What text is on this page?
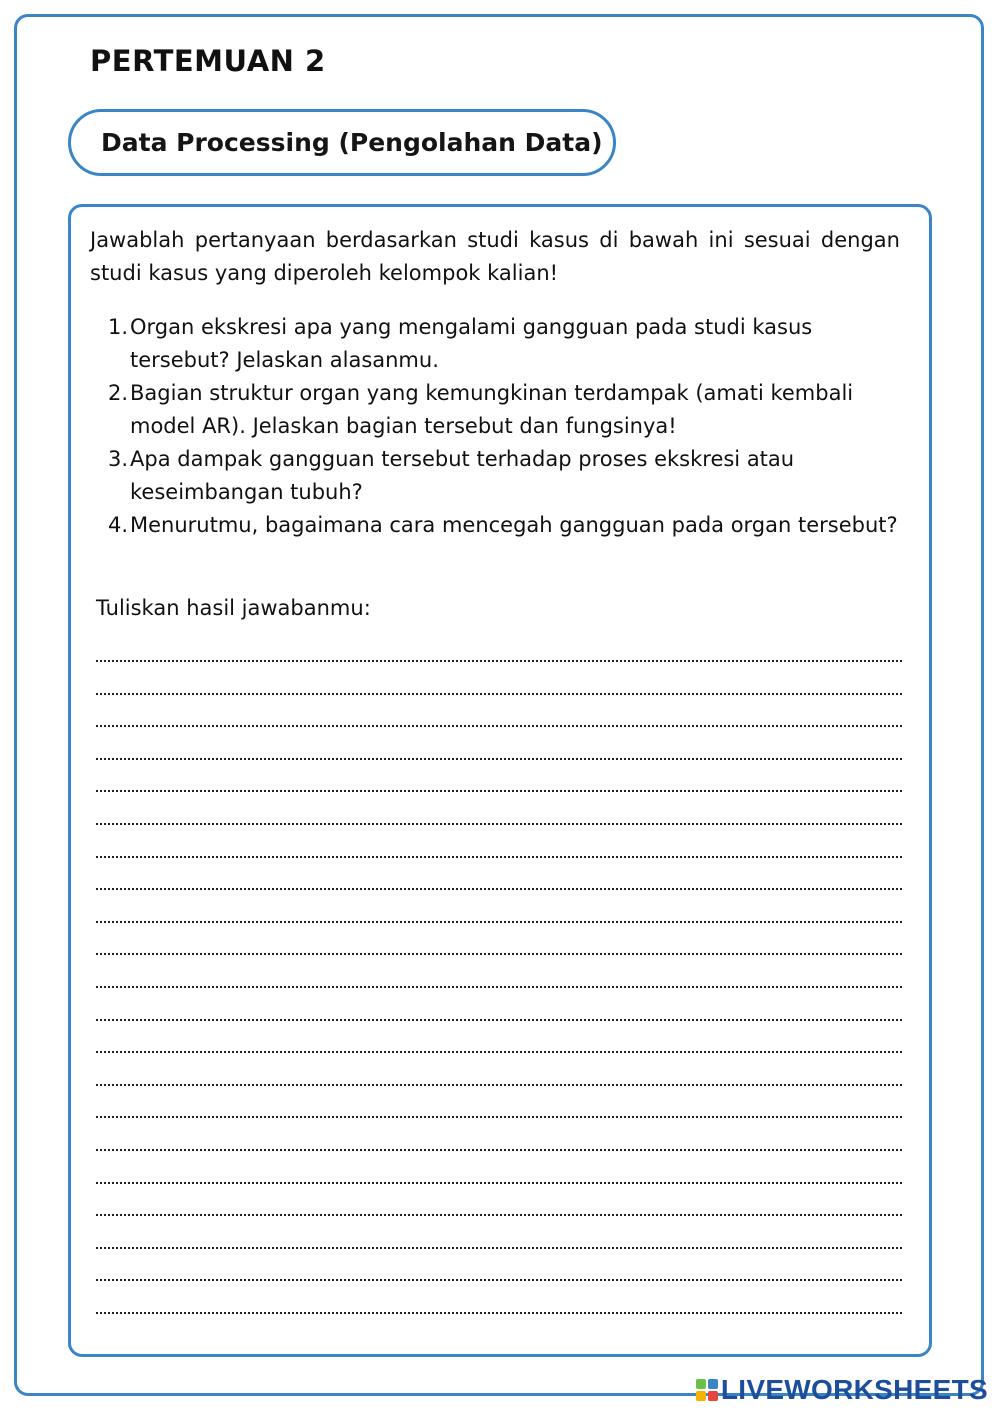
PERTEMUAN 2
Data Processing (Pengolahan Data)
Jawablah pertanyaan berdasarkan studi kasus di bawah ini sesuai dengan studi kasus yang diperoleh kelompok kalian!
1. Organ ekskresi apa yang mengalami gangguan pada studi kasus tersebut? Jelaskan alasanmu.
2. Bagian struktur organ yang kemungkinan terdampak (amati kembali model AR). Jelaskan bagian tersebut dan fungsinya!
3. Apa dampak gangguan tersebut terhadap proses ekskresi atau keseimbangan tubuh?
4. Menurutmu, bagaimana cara mencegah gangguan pada organ tersebut?
Tuliskan hasil jawabanmu:
LIVEWORKSHEETS
